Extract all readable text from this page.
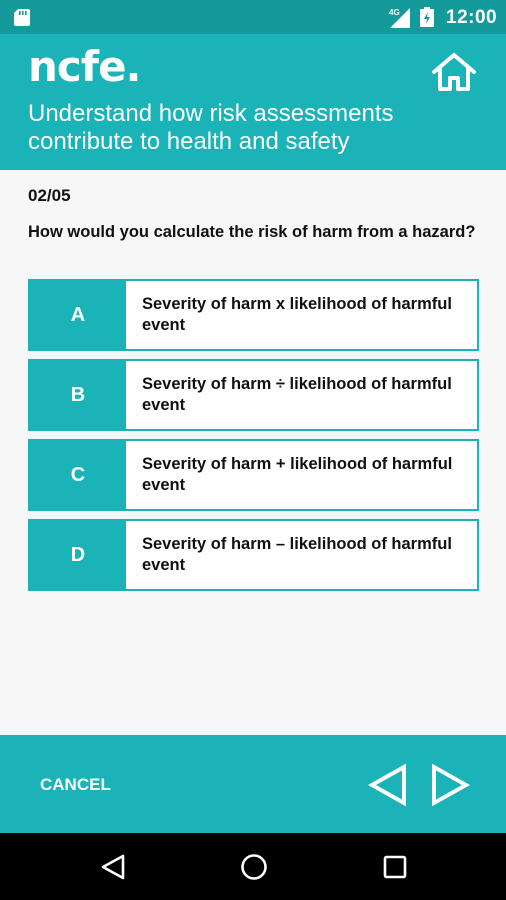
4G 12:00
ncfe.
Understand how risk assessments contribute to health and safety
02/05
How would you calculate the risk of harm from a hazard?
A	Severity of harm x likelihood of harmful event
B	Severity of harm ÷ likelihood of harmful event
C	Severity of harm + likelihood of harmful event
D	Severity of harm – likelihood of harmful event
CANCEL
